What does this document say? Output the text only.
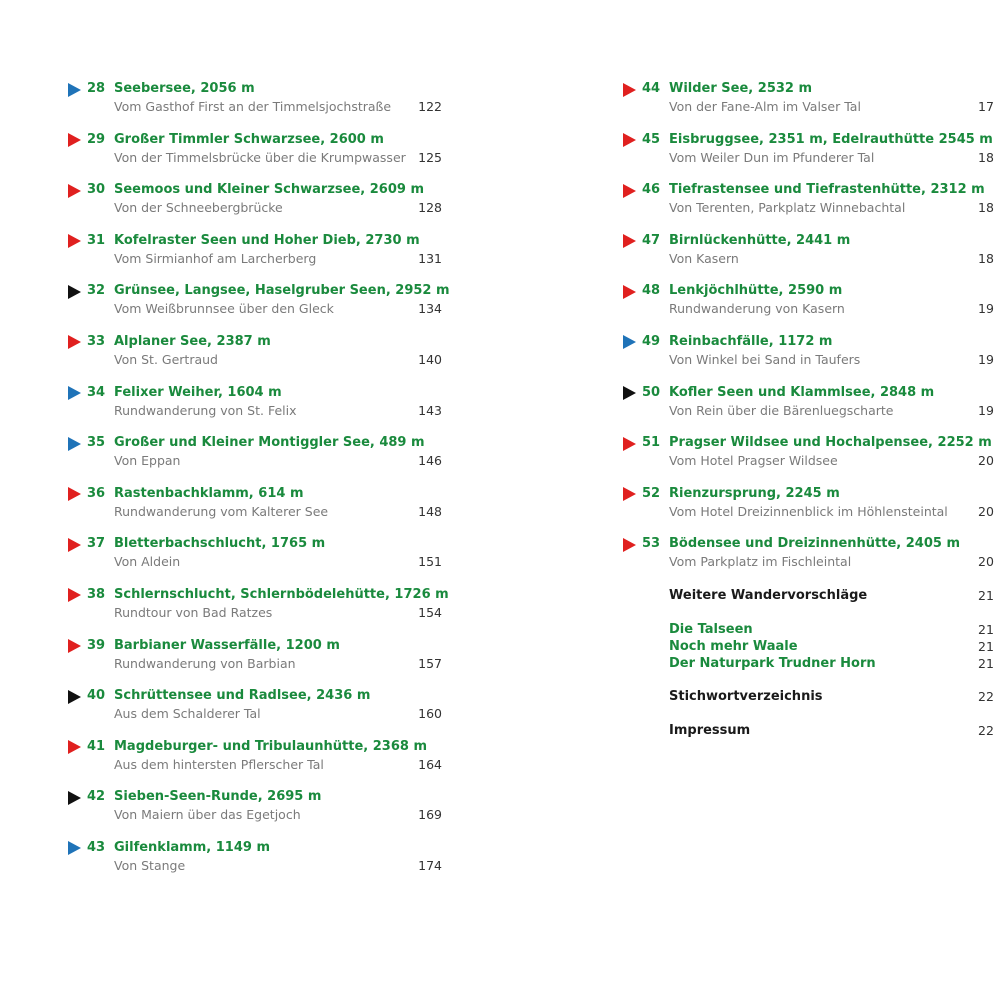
28 Seebersee, 2056 m
Vom Gasthof First an der Timmelsjochstraße 122
29 Großer Timmler Schwarzsee, 2600 m
Von der Timmelsbrücke über die Krumpwasser 125
30 Seemoos und Kleiner Schwarzsee, 2609 m
Von der Schneebergbrücke	128
31 Kofelraster Seen und Hoher Dieb, 2730 m
Vom Sirmianhof am Larcherberg	131
32 Grünsee, Langsee, Haselgruber Seen, 2952 m
Vom Weißbrunnsee über den Gleck	134
33 Alplaner See, 2387 m
Von St. Gertraud	140
34 Felixer Weiher, 1604 m
Rundwanderung von St. Felix	143
35 Großer und Kleiner Montiggler See, 489 m
Von Eppan	146
36 Rastenbachklamm, 614 m
Rundwanderung vom Kalterer See	148
37 Bletterbachschlucht, 1765 m
Von Aldein	151
38 Schlernschlucht, Schlernbödelehütte, 1726 m
Rundtour von Bad Ratzes	154
39 Barbianer Wasserfälle, 1200 m
Rundwanderung von Barbian	157
40 Schrüttensee und Radlsee, 2436 m
Aus dem Schalderer Tal	160
41 Magdeburger- und Tribulaunhütte, 2368 m
Aus dem hintersten Pflerscher Tal	164
42 Sieben-Seen-Runde, 2695 m
Von Maiern über das Egetjoch	169
43 Gilfenklamm, 1149 m
Von Stange	174
44 Wilder See, 2532 m
Von der Fane-Alm im Valser Tal	17
45 Eisbruggsee, 2351 m, Edelrauthütte 2545 m
Vom Weiler Dun im Pfunderer Tal	18
46 Tiefrastensee und Tiefrastenhütte, 2312 m
Von Terenten, Parkplatz Winnebachtal	18
47 Birnlückenhütte, 2441 m
Von Kasern	18
48 Lenkjöchlhütte, 2590 m
Rundwanderung von Kasern	19
49 Reinbachfälle, 1172 m
Von Winkel bei Sand in Taufers	19
50 Kofler Seen und Klammlsee, 2848 m
Von Rein über die Bärenluegscharte	19
51 Pragser Wildsee und Hochalpensee, 2252 m
Vom Hotel Pragser Wildsee	20
52 Rienzursprung, 2245 m
Vom Hotel Dreizinnenblick im Höhlensteintal 20
53 Bödensee und Dreizinnenhütte, 2405 m
Vom Parkplatz im Fischleintal	20
Weitere Wandervorschläge	21
Die Talseen	21
Noch mehr Waale	21
Der Naturpark Trudner Horn	21
Stichwortverzeichnis	22
Impressum	22
